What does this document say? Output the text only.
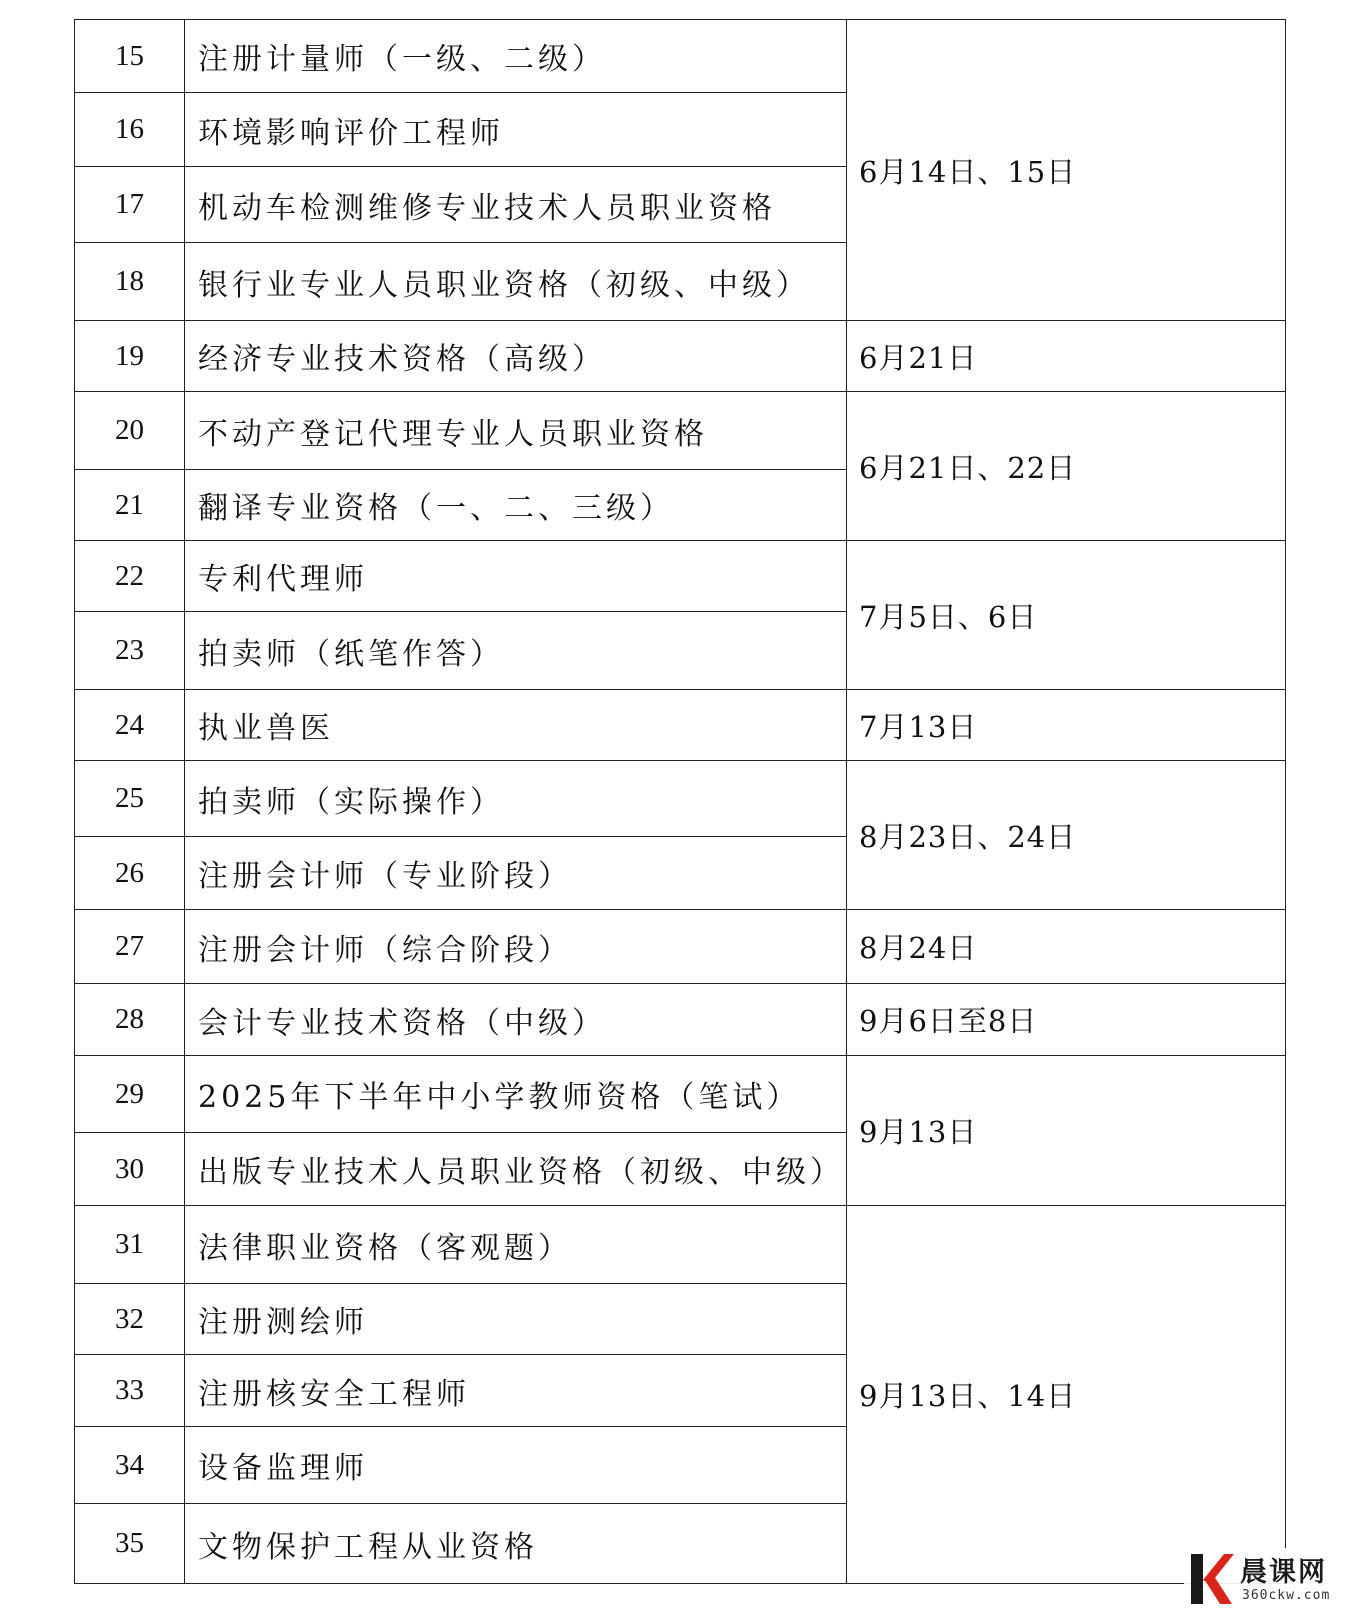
15	注册计量师（一级、二级）	6月14日、15日
16	环境影响评价工程师	
17	机动车检测维修专业技术人员职业资格	
18	银行业专业人员职业资格（初级、中级）	
19	经济专业技术资格（高级）	6月21日
20	不动产登记代理专业人员职业资格	6月21日、22日
21	翻译专业资格（一、二、三级）	
22	专利代理师	7月5日、6日
23	拍卖师（纸笔作答）	
24	执业兽医	7月13日
25	拍卖师（实际操作）	8月23日、24日
26	注册会计师（专业阶段）	
27	注册会计师（综合阶段）	8月24日
28	会计专业技术资格（中级）	9月6日至8日
29	2025年下半年中小学教师资格（笔试）	9月13日
30	出版专业技术人员职业资格（初级、中级）	
31	法律职业资格（客观题）	9月13日、14日
32	注册测绘师	
33	注册核安全工程师	
34	设备监理师	
35	文物保护工程从业资格	
晨课网
360ckw.com
